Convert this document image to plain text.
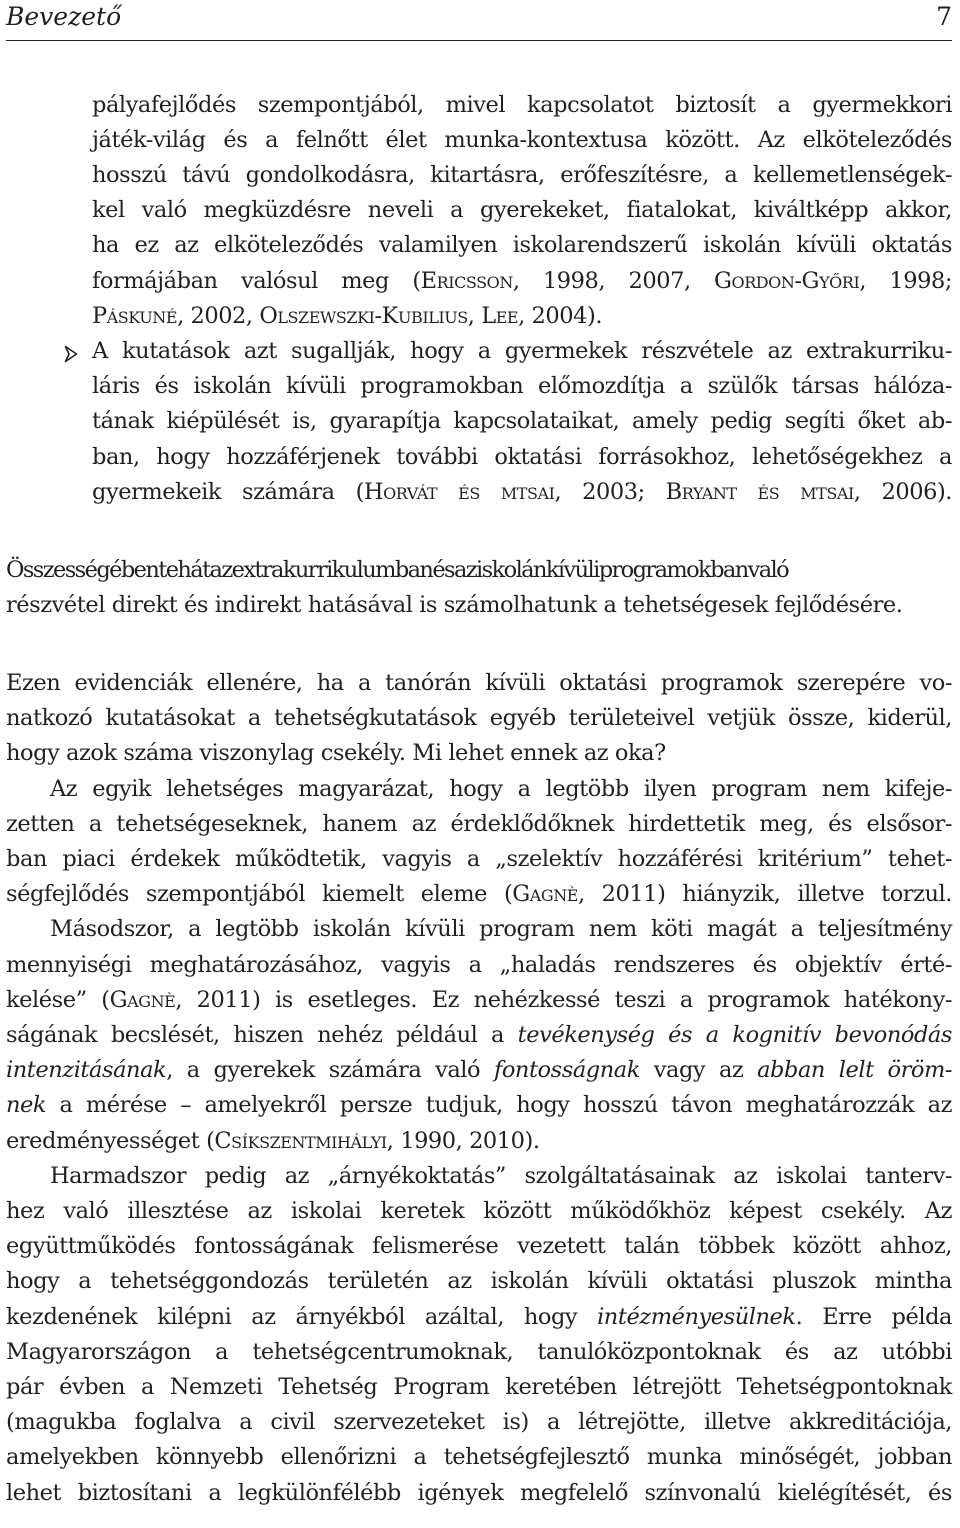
Bevezető	7
pályafejlődés szempontjából, mivel kapcsolatot biztosít a gyermekkori
játék-világ és a felnőtt élet munka-kontextusa között. Az elköteleződés
hosszú távú gondolkodásra, kitartásra, erőfeszítésre, a kellemetlenségek-
kel való megküzdésre neveli a gyerekeket, fiatalokat, kiváltképp akkor,
ha ez az elköteleződés valamilyen iskolarendszerű iskolán kívüli oktatás
formájában valósul meg (Ericsson, 1998, 2007, Gordon-Győri, 1998;
Páskuné, 2002, Olszewszki-Kubilius, Lee, 2004).
A kutatások azt sugallják, hogy a gyermekek részvétele az extrakurriku-
láris és iskolán kívüli programokban előmozdítja a szülők társas hálóza-
tának kiépülését is, gyarapítja kapcsolataikat, amely pedig segíti őket ab-
ban, hogy hozzáférjenek további oktatási forrásokhoz, lehetőségekhez a
gyermekeik számára (Horvát és mtsai, 2003; Bryant és mtsai, 2006).
Összességébentehátazextrakurrikulumbanésaziskolánkívüliprogramokbanvaló
részvétel direkt és indirekt hatásával is számolhatunk a tehetségesek fejlődésére.
Ezen evidenciák ellenére, ha a tanórán kívüli oktatási programok szerepére vo-
natkozó kutatásokat a tehetségkutatások egyéb területeivel vetjük össze, kiderül,
hogy azok száma viszonylag csekély. Mi lehet ennek az oka?
Az egyik lehetséges magyarázat, hogy a legtöbb ilyen program nem kifeje-
zetten a tehetségeseknek, hanem az érdeklődőknek hirdettetik meg, és elsősor-
ban piaci érdekek működtetik, vagyis a „szelektív hozzáférési kritérium” tehet-
ségfejlődés szempontjából kiemelt eleme (Gagnè, 2011) hiányzik, illetve torzul.
Másodszor, a legtöbb iskolán kívüli program nem köti magát a teljesítmény
mennyiségi meghatározásához, vagyis a „haladás rendszeres és objektív érté-
kelése” (Gagnè, 2011) is esetleges. Ez nehézkessé teszi a programok hatékony-
ságának becslését, hiszen nehéz például a tevékenység és a kognitív bevonódás
intenzitásának, a gyerekek számára való fontosságnak vagy az abban lelt öröm-
nek a mérése – amelyekről persze tudjuk, hogy hosszú távon meghatározzák az
eredményességet (Csíkszentmihályi, 1990, 2010).
Harmadszor pedig az „árnyékoktatás” szolgáltatásainak az iskolai tanterv-
hez való illesztése az iskolai keretek között működőkhöz képest csekély. Az
együttműködés fontosságának felismerése vezetett talán többek között ahhoz,
hogy a tehetséggondozás területén az iskolán kívüli oktatási pluszok mintha
kezdenének kilépni az árnyékból azáltal, hogy intézményesülnek. Erre példa
Magyarországon a tehetségcentrumoknak, tanulóközpontoknak és az utóbbi
pár évben a Nemzeti Tehetség Program keretében létrejött Tehetségpontoknak
(magukba foglalva a civil szervezeteket is) a létrejötte, illetve akkreditációja,
amelyekben könnyebb ellenőrizni a tehetségfejlesztő munka minőségét, jobban
lehet biztosítani a legkülönfélébb igények megfelelő színvonalú kielégítését, és
